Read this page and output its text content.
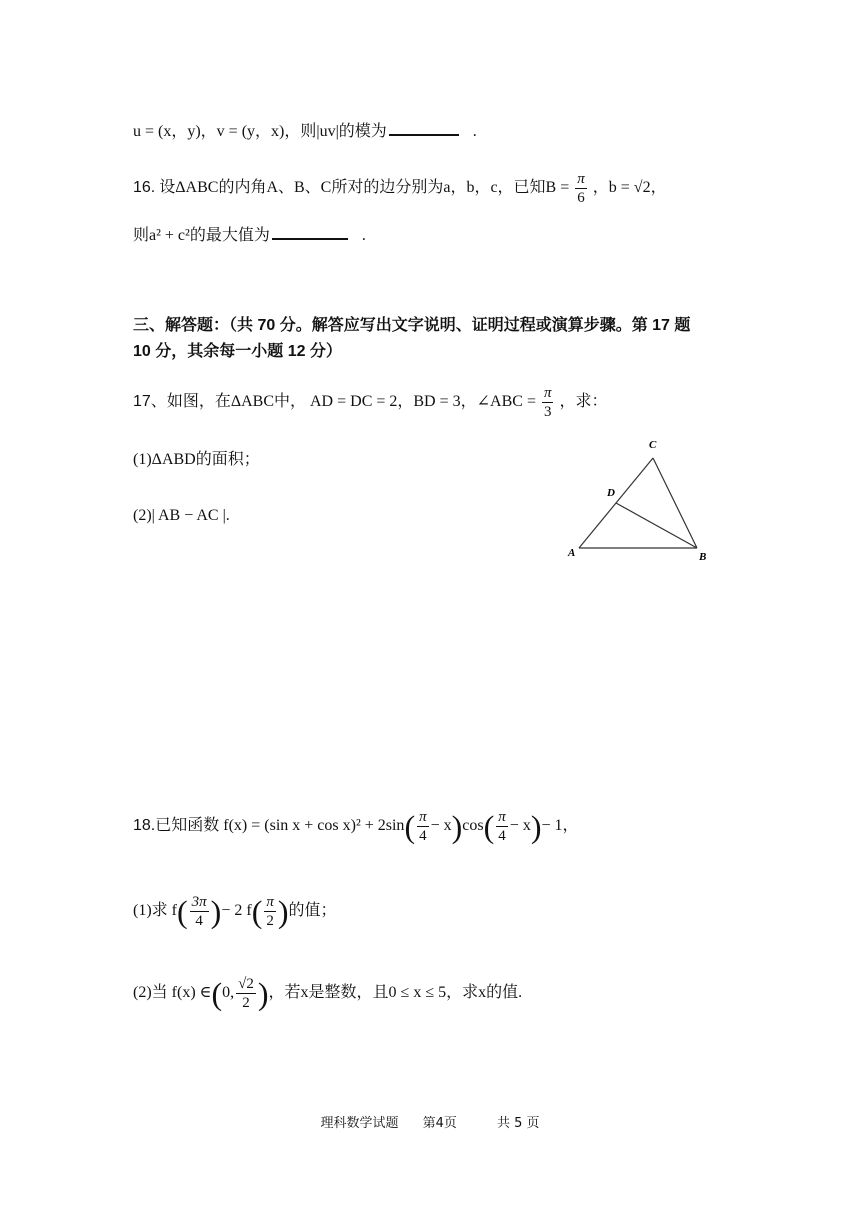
u = (x，y)，v = (y，x)，则|uv|的模为	.
16. 设ΔABC的内角A、B、C所对的边分别为a，b，c，已知$B = \frac{\pi}{6}$ ，b = √2，
则a² + c²的最大值为	.
三、解答题：（共 70 分。解答应写出文字说明、证明过程或演算步骤。第 17 题
10 分，其余每一小题 12 分）
17、如图，在ΔABC中， AD = DC = 2，BD = 3，∠ABC = $\frac{\pi}{3}$ ，求：
(1)ΔABD的面积；
(2)| AB − AC |.
C
D
A	B
18.已知函数 f(x) = (sin $x + \cos x)^2 + 2\sin( \frac{\pi}{4} - x)\cos( \frac{\pi}{4} - x)- 1$，
(1)求 $f( \frac{3\pi}{4}$ )− 2 $f( \frac{\pi}{2}$ )的值；
(2)当 f(x) ∈(0, $\frac{√2}{2}$ )，若x是整数，且0 ≤ x ≤ 5，求x的值.
理科数学试题 第4页	共 5 页
